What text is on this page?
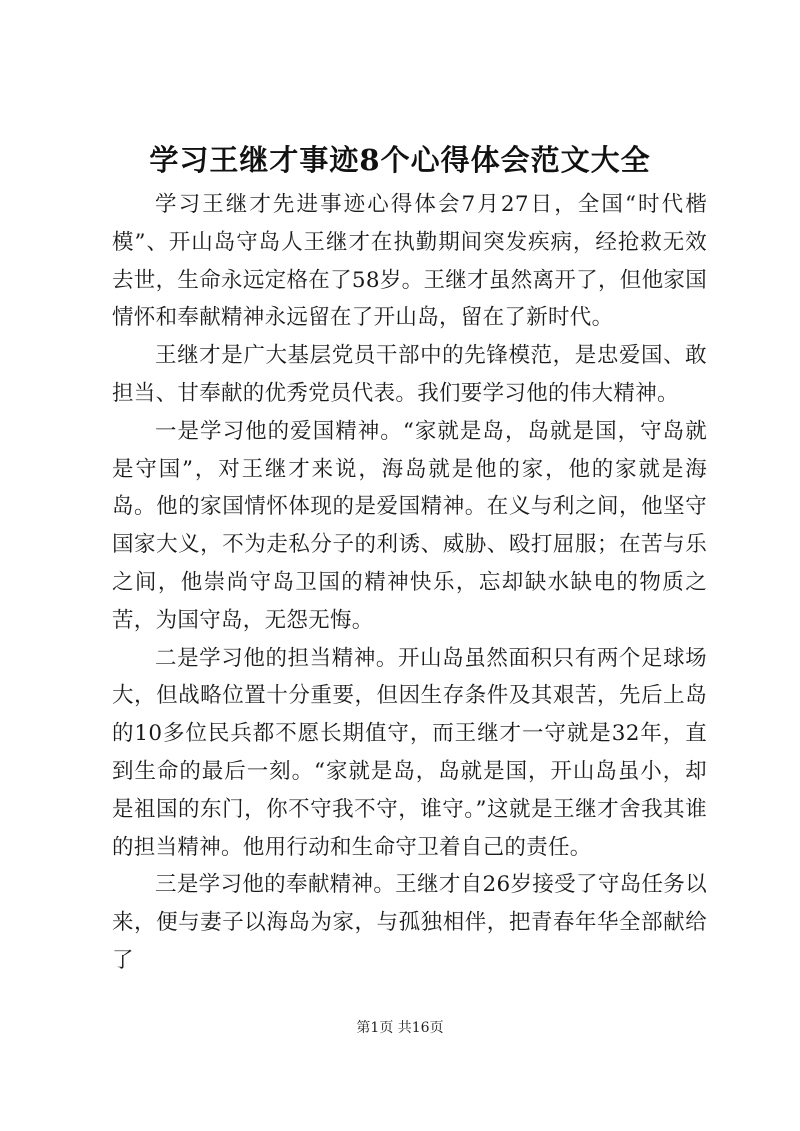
学习王继才事迹8个心得体会范文大全

学习王继才先进事迹心得体会7月27日，全国“时代楷模”、开山岛守岛人王继才在执勤期间突发疾病，经抢救无效去世，生命永远定格在了58岁。王继才虽然离开了，但他家国情怀和奉献精神永远留在了开山岛，留在了新时代。

王继才是广大基层党员干部中的先锋模范，是忠爱国、敢担当、甘奉献的优秀党员代表。我们要学习他的伟大精神。

一是学习他的爱国精神。“家就是岛，岛就是国，守岛就是守国”，对王继才来说，海岛就是他的家，他的家就是海岛。他的家国情怀体现的是爱国精神。在义与利之间，他坚守国家大义，不为走私分子的利诱、威胁、殴打屈服；在苦与乐之间，他崇尚守岛卫国的精神快乐，忘却缺水缺电的物质之苦，为国守岛，无怨无悔。

二是学习他的担当精神。开山岛虽然面积只有两个足球场大，但战略位置十分重要，但因生存条件及其艰苦，先后上岛的10多位民兵都不愿长期值守，而王继才一守就是32年，直到生命的最后一刻。“家就是岛，岛就是国，开山岛虽小，却是祖国的东门，你不守我不守，谁守。”这就是王继才舍我其谁的担当精神。他用行动和生命守卫着自己的责任。

三是学习他的奉献精神。王继才自26岁接受了守岛任务以来，便与妻子以海岛为家，与孤独相伴，把青春年华全部献给了

第1页 共16页
